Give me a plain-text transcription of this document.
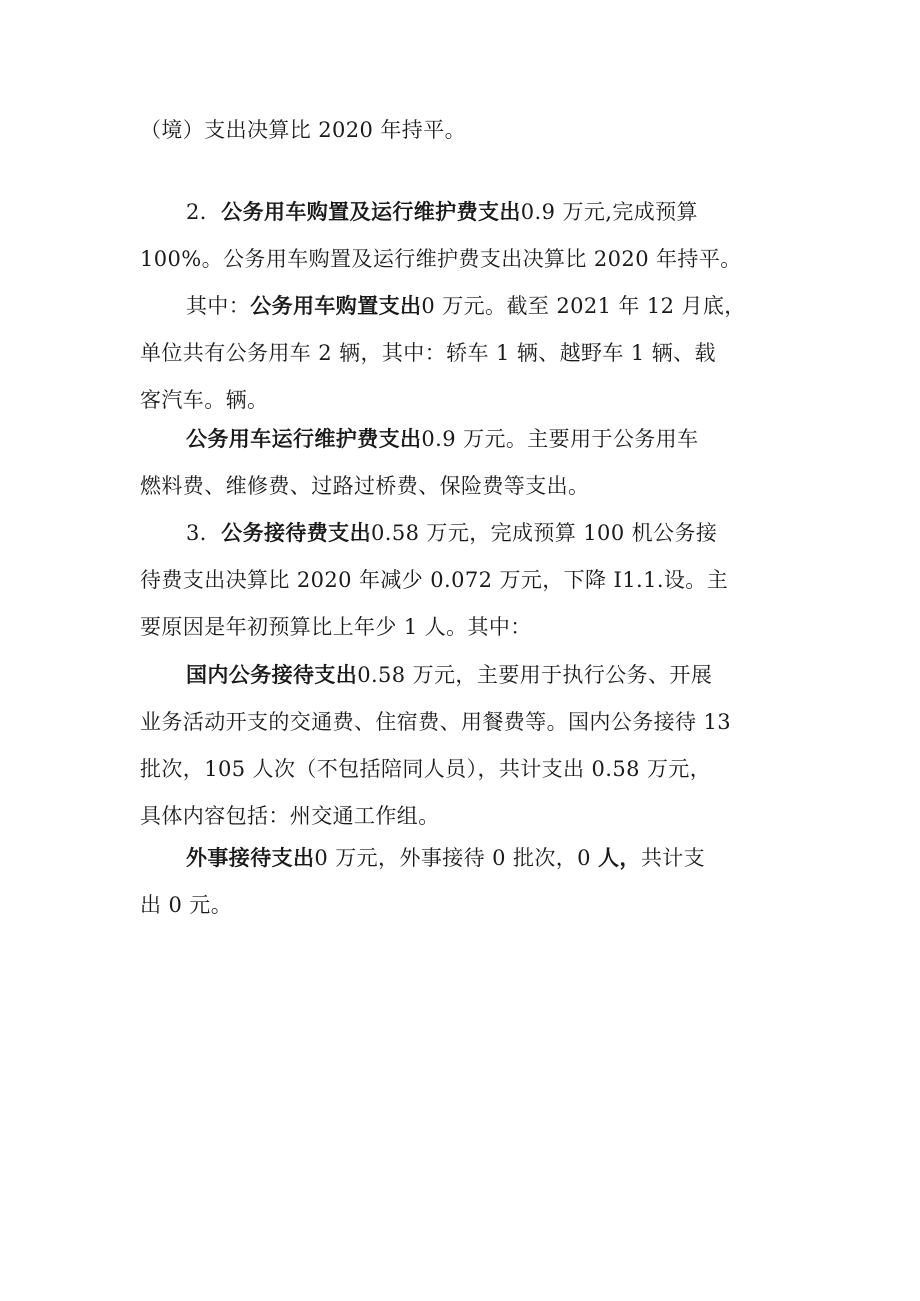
（境）支出决算比 2020 年持平。
2．公务用车购置及运行维护费支出0.9 万元,完成预算
100%。公务用车购置及运行维护费支出决算比 2020 年持平。
其中：公务用车购置支出0 万元。截至 2021 年 12 月底，
单位共有公务用车 2 辆，其中：轿车 1 辆、越野车 1 辆、载
客汽车。辆。
公务用车运行维护费支出0.9 万元。主要用于公务用车
燃料费、维修费、过路过桥费、保险费等支出。
3．公务接待费支出0.58 万元，完成预算 100 机公务接
待费支出决算比 2020 年减少 0.072 万元，下降 I1.1.设。主
要原因是年初预算比上年少 1 人。其中：
国内公务接待支出0.58 万元，主要用于执行公务、开展
业务活动开支的交通费、住宿费、用餐费等。国内公务接待 13
批次，105 人次（不包括陪同人员），共计支出 0.58 万元，
具体内容包括：州交通工作组。
外事接待支出0 万元，外事接待 0 批次，0 人，共计支
出 0 元。
